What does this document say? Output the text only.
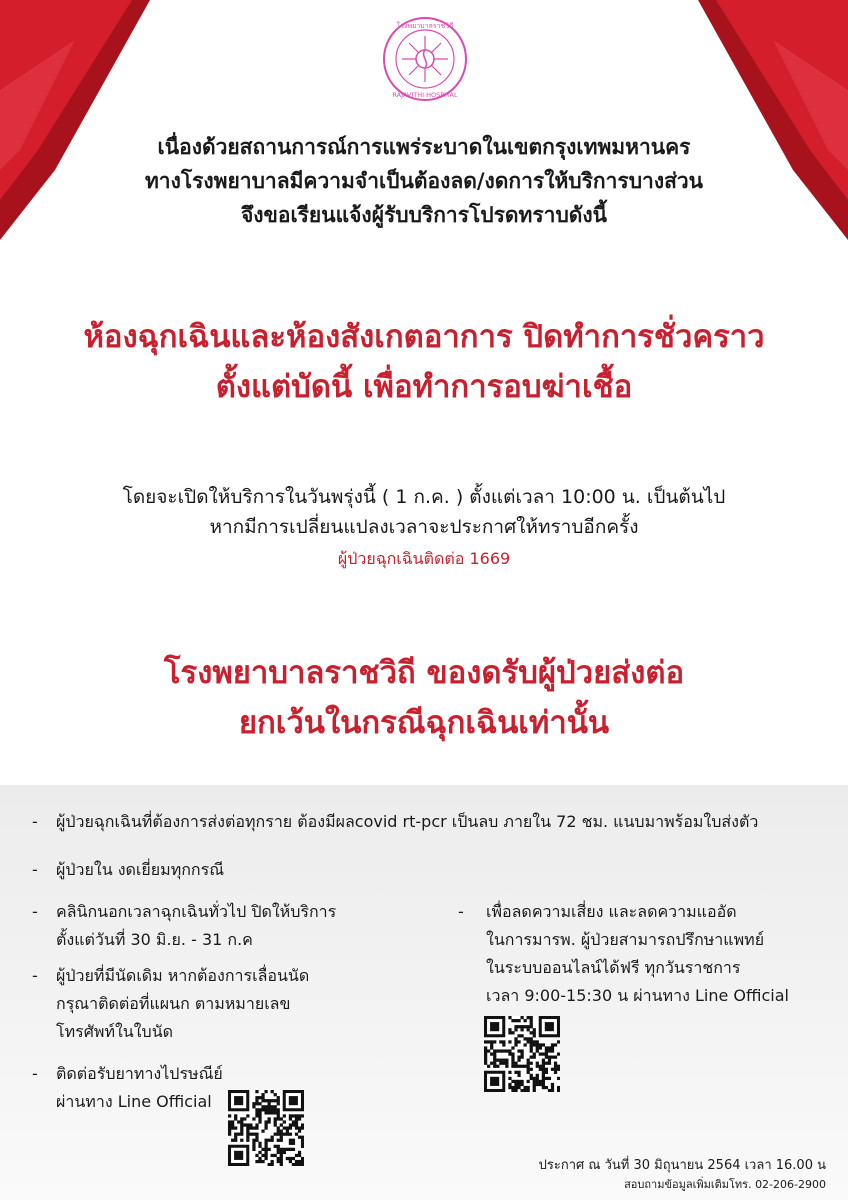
โรงพยาบาลราชวิถี
RAJAVITHI HOSPITAL
เนื่องด้วยสถานการณ์การแพร่ระบาดในเขตกรุงเทพมหานคร
ทางโรงพยาบาลมีความจำเป็นต้องลด/งดการให้บริการบางส่วน
จึงขอเรียนแจ้งผู้รับบริการโปรดทราบดังนี้
ห้องฉุกเฉินและห้องสังเกตอาการ ปิดทำการชั่วคราว
ตั้งแต่บัดนี้ เพื่อทำการอบฆ่าเชื้อ
โดยจะเปิดให้บริการในวันพรุ่งนี้ ( 1 ก.ค. ) ตั้งแต่เวลา 10:00 น. เป็นต้นไป
หากมีการเปลี่ยนแปลงเวลาจะประกาศให้ทราบอีกครั้ง
ผู้ป่วยฉุกเฉินติดต่อ 1669
โรงพยาบาลราชวิถี ของดรับผู้ป่วยส่งต่อ
ยกเว้นในกรณีฉุกเฉินเท่านั้น
- ผู้ป่วยฉุกเฉินที่ต้องการส่งต่อทุกราย ต้องมีผลcovid rt-pcr เป็นลบ ภายใน 72 ชม. แนบมาพร้อมใบส่งตัว
- ผู้ป่วยใน งดเยี่ยมทุกกรณี
- คลินิกนอกเวลาฉุกเฉินทั่วไป ปิดให้บริการ
ตั้งแต่วันที่ 30 มิ.ย. - 31 ก.ค
- ผู้ป่วยที่มีนัดเดิม หากต้องการเลื่อนนัด
กรุณาติดต่อที่แผนก ตามหมายเลข
โทรศัพท์ในใบนัด
- ติดต่อรับยาทางไปรษณีย์
ผ่านทาง Line Official
- เพื่อลดความเสี่ยง และลดความแออัด
ในการมารพ. ผู้ป่วยสามารถปรึกษาแพทย์
ในระบบออนไลน์ได้ฟรี ทุกวันราชการ
เวลา 9:00-15:30 น ผ่านทาง Line Official
ประกาศ ณ วันที่ 30 มิถุนายน 2564 เวลา 16.00 น
สอบถามข้อมูลเพิ่มเติมโทร. 02-206-2900
